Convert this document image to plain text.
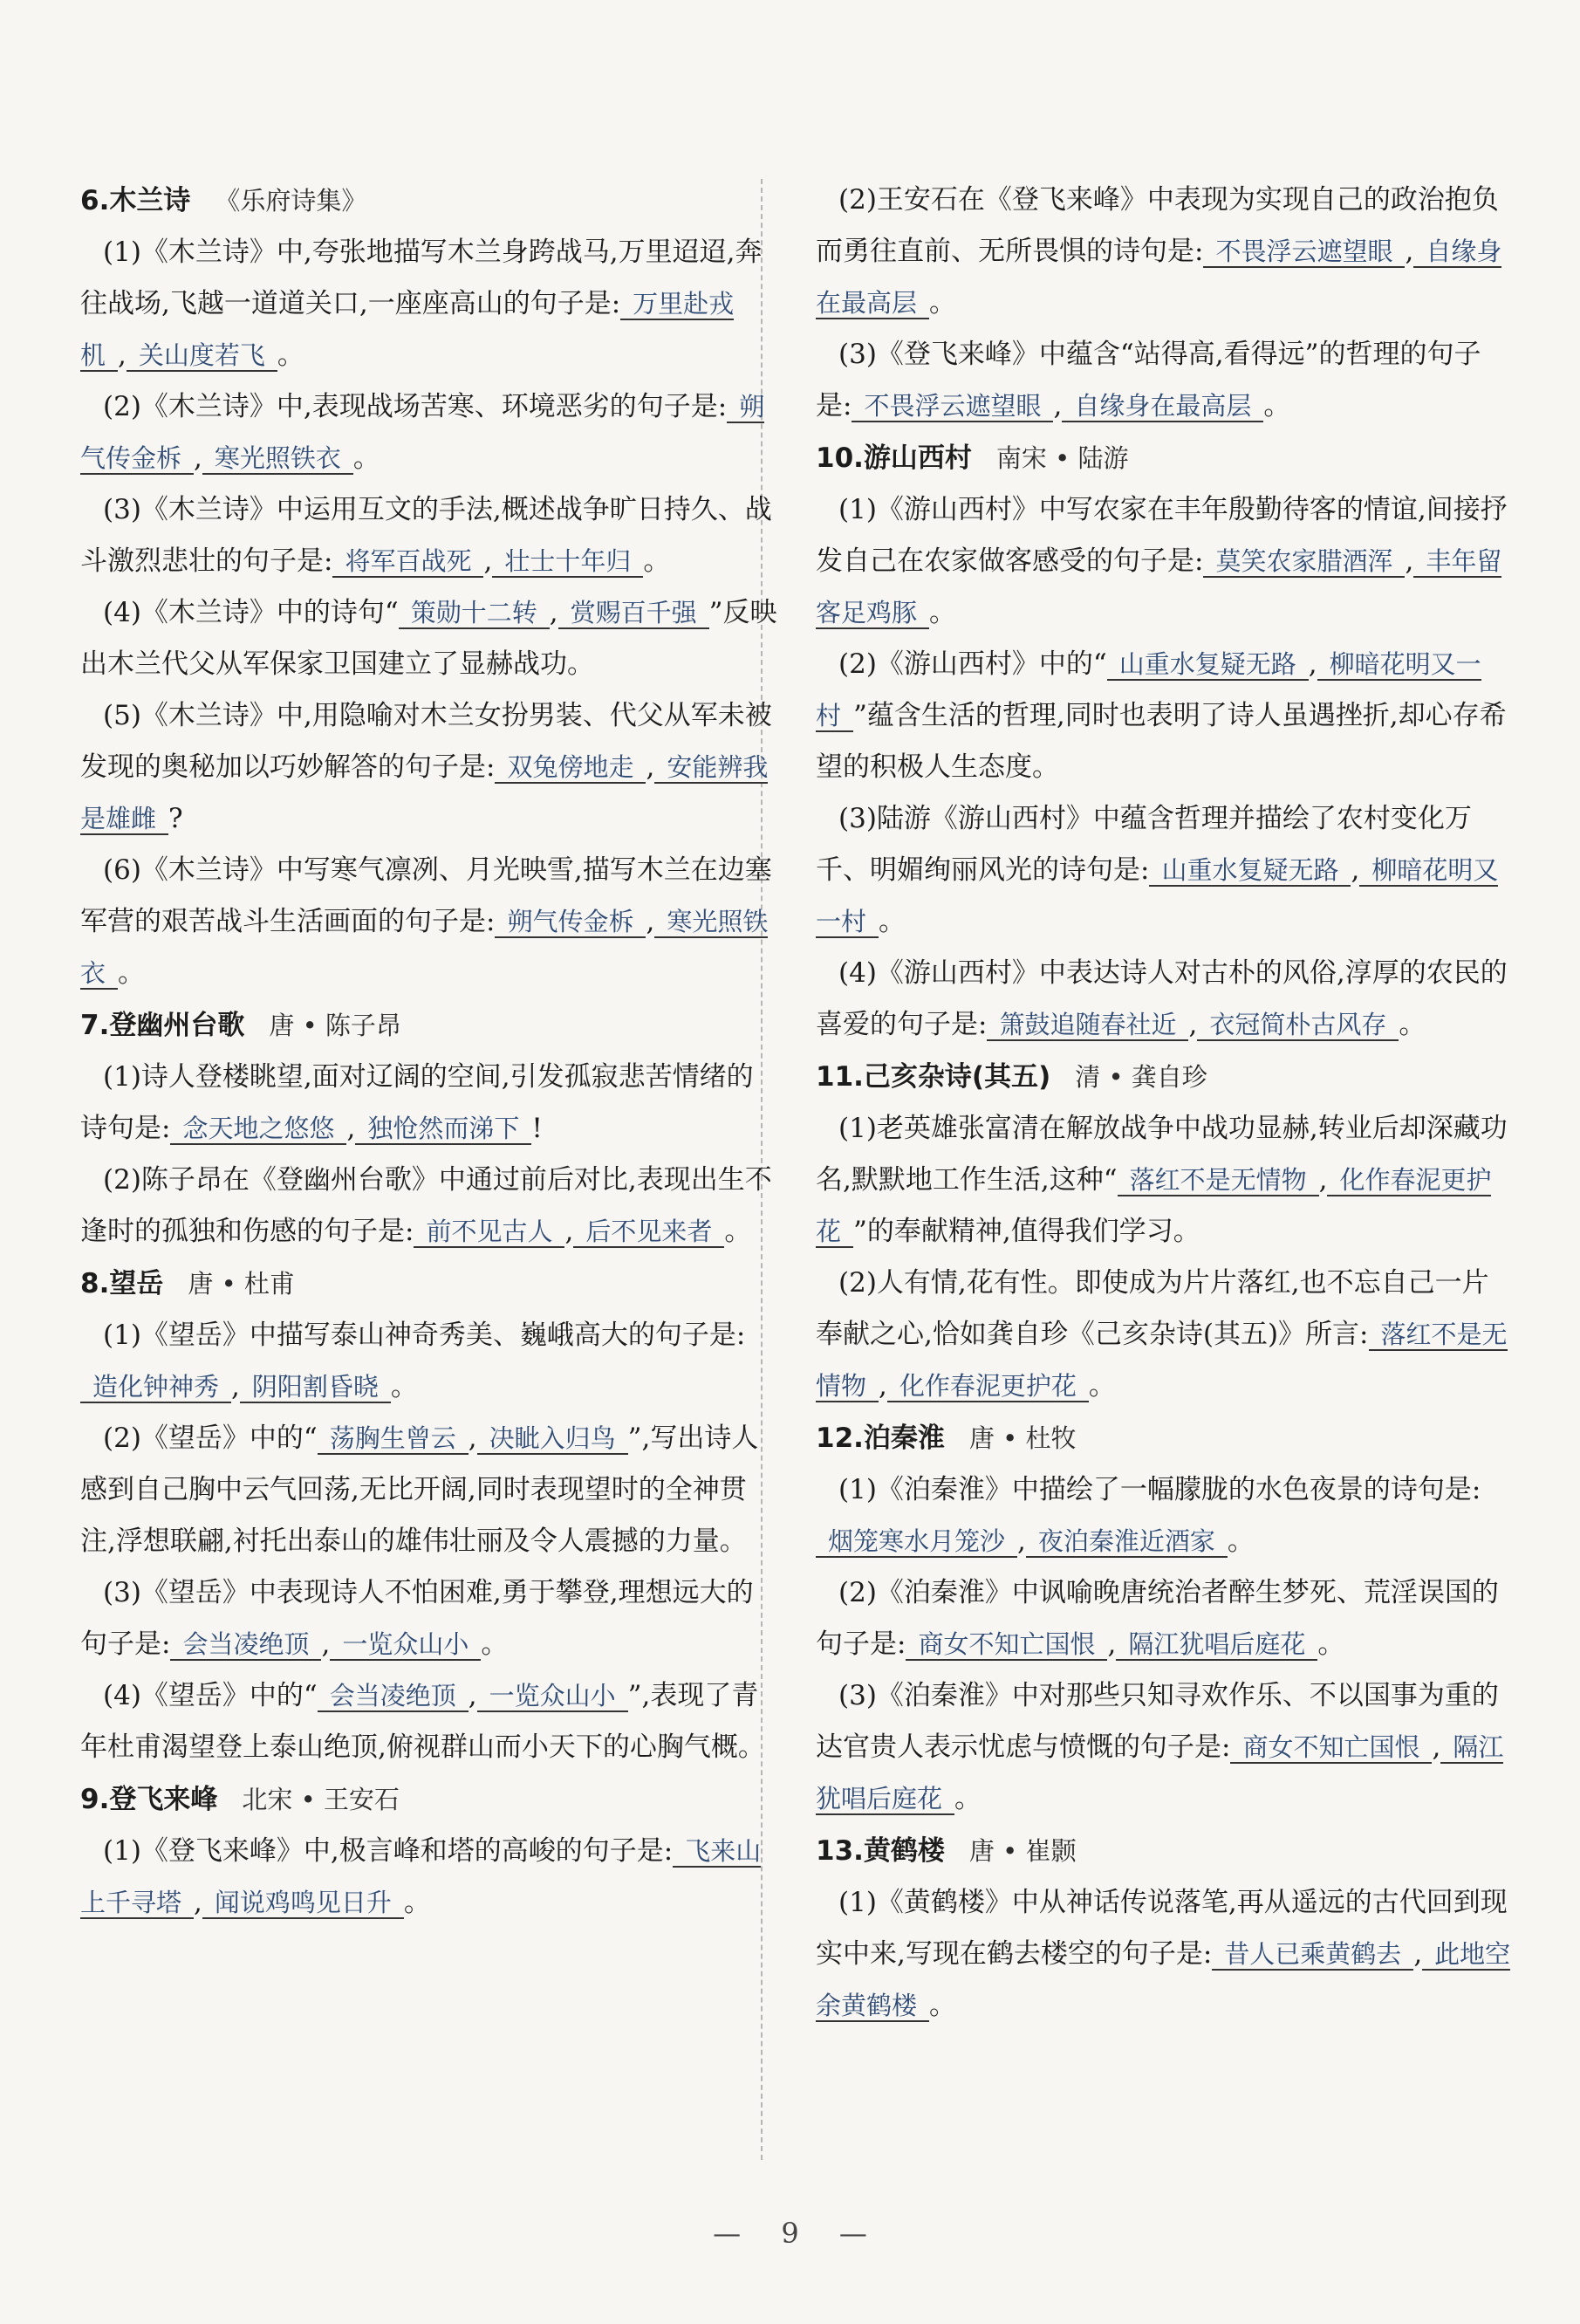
6.木兰诗 《乐府诗集》

(1)《木兰诗》中,夸张地描写木兰身跨战马,万里迢迢,奔往战场,飞越一道道关口,一座座高山的句子是: 万里赴戎机 , 关山度若飞 。

(2)《木兰诗》中,表现战场苦寒、环境恶劣的句子是: 朔气传金柝 , 寒光照铁衣 。

(3)《木兰诗》中运用互文的手法,概述战争旷日持久、战斗激烈悲壮的句子是: 将军百战死 , 壮士十年归 。

(4)《木兰诗》中的诗句“ 策勋十二转 , 赏赐百千强 ”反映出木兰代父从军保家卫国建立了显赫战功。

(5)《木兰诗》中,用隐喻对木兰女扮男装、代父从军未被发现的奥秘加以巧妙解答的句子是: 双兔傍地走 , 安能辨我是雄雌 ?

(6)《木兰诗》中写寒气凛冽、月光映雪,描写木兰在边塞军营的艰苦战斗生活画面的句子是: 朔气传金柝 , 寒光照铁衣 。

7.登幽州台歌 唐 • 陈子昂

(1)诗人登楼眺望,面对辽阔的空间,引发孤寂悲苦情绪的诗句是: 念天地之悠悠 , 独怆然而涕下 !

(2)陈子昂在《登幽州台歌》中通过前后对比,表现出生不逢时的孤独和伤感的句子是: 前不见古人 , 后不见来者 。

8.望岳 唐 • 杜甫

(1)《望岳》中描写泰山神奇秀美、巍峨高大的句子是:造化钟神秀 , 阴阳割昏晓 。

(2)《望岳》中的“ 荡胸生曾云 , 决眦入归鸟 ”,写出诗人感到自己胸中云气回荡,无比开阔,同时表现望时的全神贯注,浮想联翩,衬托出泰山的雄伟壮丽及令人震撼的力量。

(3)《望岳》中表现诗人不怕困难,勇于攀登,理想远大的句子是: 会当凌绝顶 , 一览众山小 。

(4)《望岳》中的“ 会当凌绝顶 , 一览众山小 ”,表现了青年杜甫渴望登上泰山绝顶,俯视群山而小天下的心胸气概。

9.登飞来峰 北宋 • 王安石

(1)《登飞来峰》中,极言峰和塔的高峻的句子是: 飞来山上千寻塔 , 闻说鸡鸣见日升 。

(2)王安石在《登飞来峰》中表现为实现自己的政治抱负而勇往直前、无所畏惧的诗句是: 不畏浮云遮望眼 , 自缘身在最高层 。

(3)《登飞来峰》中蕴含“站得高,看得远”的哲理的句子是: 不畏浮云遮望眼 , 自缘身在最高层 。

10.游山西村 南宋 • 陆游

(1)《游山西村》中写农家在丰年殷勤待客的情谊,间接抒发自己在农家做客感受的句子是: 莫笑农家腊酒浑 , 丰年留客足鸡豚 。

(2)《游山西村》中的“ 山重水复疑无路 , 柳暗花明又一村 ”蕴含生活的哲理,同时也表明了诗人虽遇挫折,却心存希望的积极人生态度。

(3)陆游《游山西村》中蕴含哲理并描绘了农村变化万千、明媚绚丽风光的诗句是: 山重水复疑无路 , 柳暗花明又一村 。

(4)《游山西村》中表达诗人对古朴的风俗,淳厚的农民的喜爱的句子是: 箫鼓追随春社近 , 衣冠简朴古风存 。

11.己亥杂诗(其五) 清 • 龚自珍

(1)老英雄张富清在解放战争中战功显赫,转业后却深藏功名,默默地工作生活,这种“ 落红不是无情物 , 化作春泥更护花 ”的奉献精神,值得我们学习。

(2)人有情,花有性。即使成为片片落红,也不忘自己一片奉献之心,恰如龚自珍《己亥杂诗(其五)》所言: 落红不是无情物 , 化作春泥更护花 。

12.泊秦淮 唐 • 杜牧

(1)《泊秦淮》中描绘了一幅朦胧的水色夜景的诗句是:烟笼寒水月笼沙 , 夜泊秦淮近酒家 。

(2)《泊秦淮》中讽喻晚唐统治者醉生梦死、荒淫误国的句子是: 商女不知亡国恨 , 隔江犹唱后庭花 。

(3)《泊秦淮》中对那些只知寻欢作乐、不以国事为重的达官贵人表示忧虑与愤慨的句子是: 商女不知亡国恨 , 隔江犹唱后庭花 。

13.黄鹤楼 唐 • 崔颢

(1)《黄鹤楼》中从神话传说落笔,再从遥远的古代回到现实中来,写现在鹤去楼空的句子是: 昔人已乘黄鹤去 , 此地空余黄鹤楼 。

— 9 —
